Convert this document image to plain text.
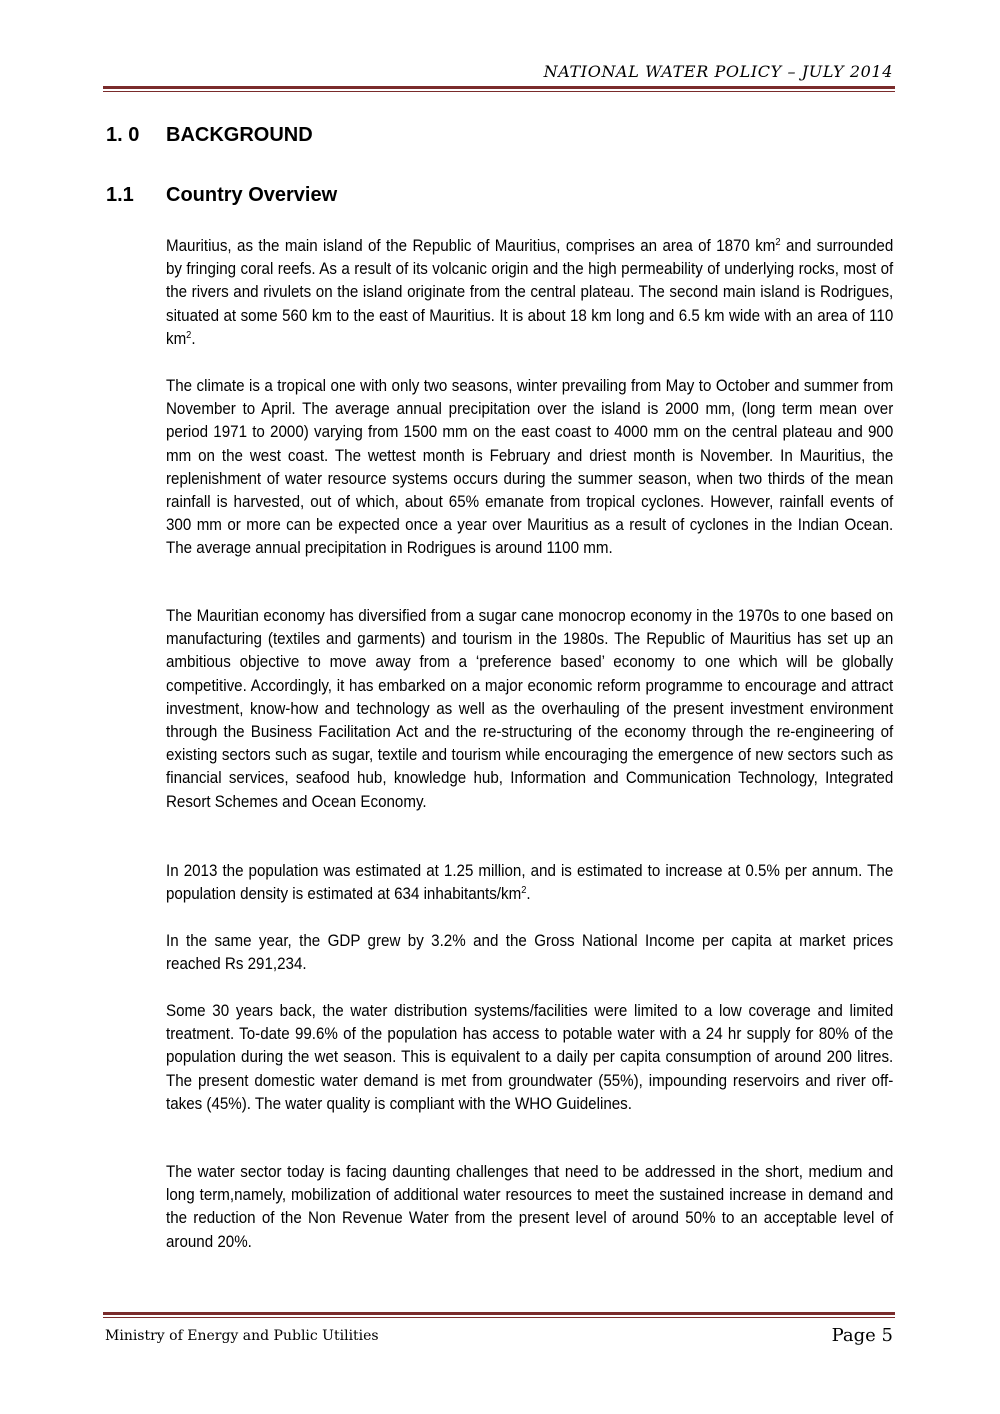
NATIONAL WATER POLICY – JULY 2014
1. 0 BACKGROUND
1.1 Country Overview

Mauritius, as the main island of the Republic of Mauritius, comprises an area of 1870 $km^2$ and surrounded by fringing coral reefs. As a result of its volcanic origin and the high permeability of underlying rocks, most of the rivers and rivulets on the island originate from the central plateau. The second main island is Rodrigues, situated at some 560 km to the east of Mauritius. It is about 18 km long and 6.5 km wide with an area of 110 $km^2$.

The climate is a tropical one with only two seasons, winter prevailing from May to October and summer from November to April. The average annual precipitation over the island is 2000 mm, (long term mean over period 1971 to 2000) varying from 1500 mm on the east coast to 4000 mm on the central plateau and 900 mm on the west coast. The wettest month is February and driest month is November. In Mauritius, the replenishment of water resource systems occurs during the summer season, when two thirds of the mean rainfall is harvested, out of which, about 65% emanate from tropical cyclones. However, rainfall events of 300 mm or more can be expected once a year over Mauritius as a result of cyclones in the Indian Ocean. The average annual precipitation in Rodrigues is around 1100 mm.

The Mauritian economy has diversified from a sugar cane monocrop economy in the 1970s to one based on manufacturing (textiles and garments) and tourism in the 1980s. The Republic of Mauritius has set up an ambitious objective to move away from a ‘preference based’ economy to one which will be globally competitive. Accordingly, it has embarked on a major economic reform programme to encourage and attract investment, know-how and technology as well as the overhauling of the present investment environment through the Business Facilitation Act and the re-structuring of the economy through the re-engineering of existing sectors such as sugar, textile and tourism while encouraging the emergence of new sectors such as financial services, seafood hub, knowledge hub, Information and Communication Technology, Integrated Resort Schemes and Ocean Economy.

In 2013 the population was estimated at 1.25 million, and is estimated to increase at 0.5% per annum. The population density is estimated at 634 inhabitants/$km^2$.

In the same year, the GDP grew by 3.2% and the Gross National Income per capita at market prices reached Rs 291,234.

Some 30 years back, the water distribution systems/facilities were limited to a low coverage and limited treatment. To-date 99.6% of the population has access to potable water with a 24 hr supply for 80% of the population during the wet season. This is equivalent to a daily per capita consumption of around 200 litres. The present domestic water demand is met from groundwater (55%), impounding reservoirs and river off-takes (45%). The water quality is compliant with the WHO Guidelines.

The water sector today is facing daunting challenges that need to be addressed in the short, medium and long term,namely, mobilization of additional water resources to meet the sustained increase in demand and the reduction of the Non Revenue Water from the present level of around 50% to an acceptable level of around 20%.

Ministry of Energy and Public Utilities	Page 5
